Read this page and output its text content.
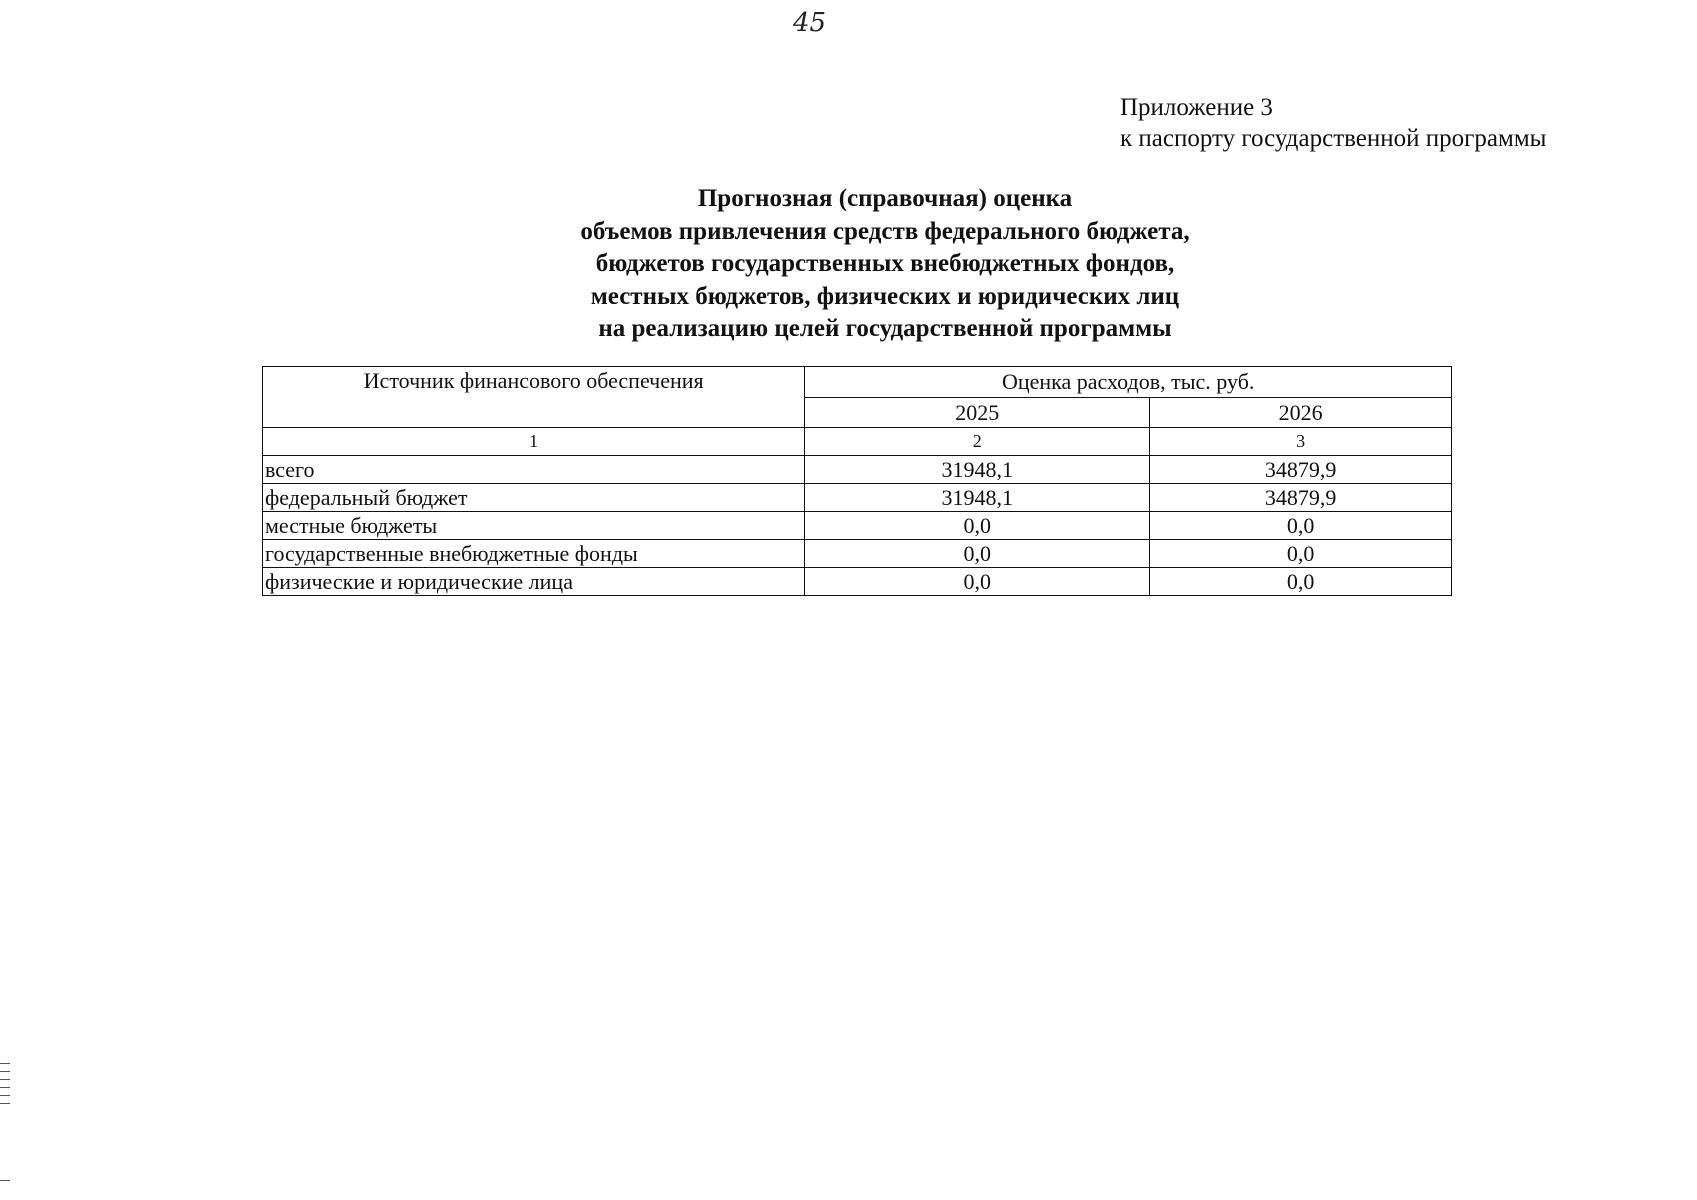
45
Приложение 3
к паспорту государственной программы
Прогнозная (справочная) оценка
объемов привлечения средств федерального бюджета,
бюджетов государственных внебюджетных фондов,
местных бюджетов, физических и юридических лиц
на реализацию целей государственной программы
Источник финансового обеспечения	Оценка расходов, тыс. руб.	
	2025	2026
1	2	3
всего	31948,1	34879,9
федеральный бюджет	31948,1	34879,9
местные бюджеты	0,0	0,0
государственные внебюджетные фонды	0,0	0,0
физические и юридические лица	0,0	0,0
